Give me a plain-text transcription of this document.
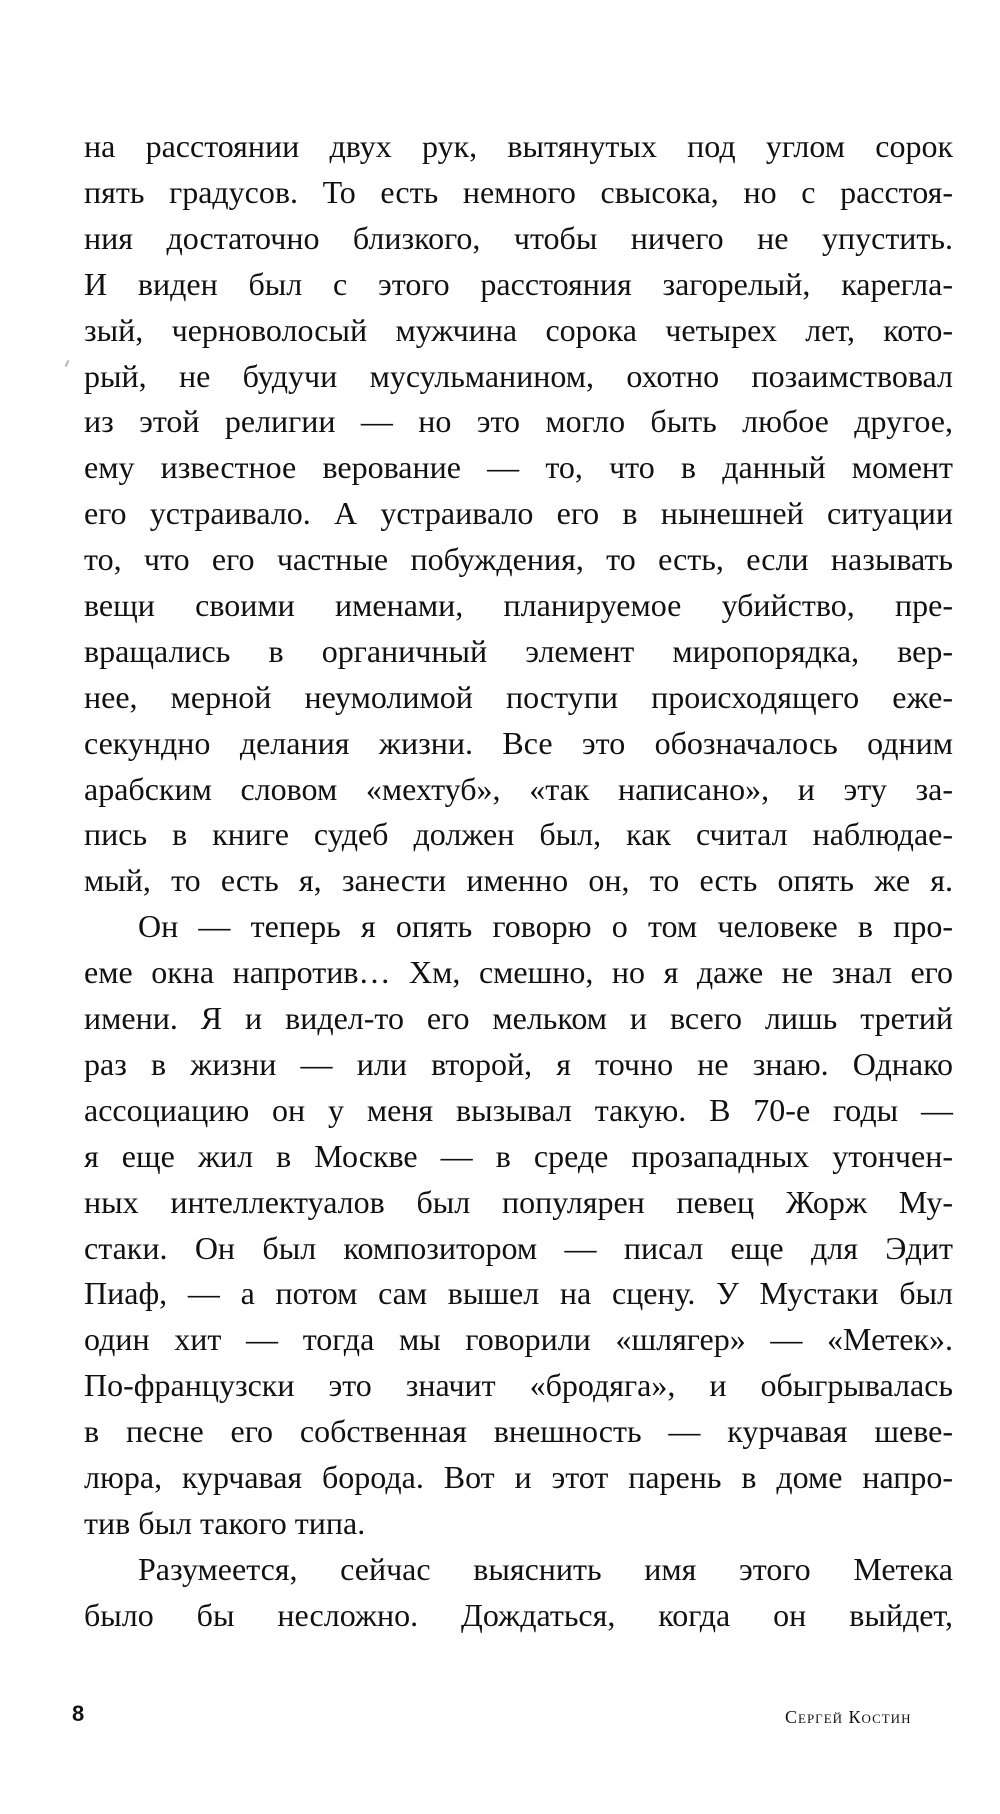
на расстоянии двух рук, вытянутых под углом сорок
пять градусов. То есть немного свысока, но с расстоя-
ния достаточно близкого, чтобы ничего не упустить.
И виден был с этого расстояния загорелый, карегла-
зый, черноволосый мужчина сорока четырех лет, кото-
рый, не будучи мусульманином, охотно позаимствовал
из этой религии — но это могло быть любое другое,
ему известное верование — то, что в данный момент
его устраивало. А устраивало его в нынешней ситуации
то, что его частные побуждения, то есть, если называть
вещи своими именами, планируемое убийство, пре-
вращались в органичный элемент миропорядка, вер-
нее, мерной неумолимой поступи происходящего еже-
секундно делания жизни. Все это обозначалось одним
арабским словом «мехтуб», «так написано», и эту за-
пись в книге судеб должен был, как считал наблюдае-
мый, то есть я, занести именно он, то есть опять же я.
Он — теперь я опять говорю о том человеке в про-
еме окна напротив… Хм, смешно, но я даже не знал его
имени. Я и видел-то его мельком и всего лишь третий
раз в жизни — или второй, я точно не знаю. Однако
ассоциацию он у меня вызывал такую. В 70-е годы —
я еще жил в Москве — в среде прозападных утончен-
ных интеллектуалов был популярен певец Жорж Му-
стаки. Он был композитором — писал еще для Эдит
Пиаф, — а потом сам вышел на сцену. У Мустаки был
один хит — тогда мы говорили «шлягер» — «Метек».
По-французски это значит «бродяга», и обыгрывалась
в песне его собственная внешность — курчавая шеве-
люра, курчавая борода. Вот и этот парень в доме напро-
тив был такого типа.
Разумеется, сейчас выяснить имя этого Метека
было бы несложно. Дождаться, когда он выйдет,
8	Сергей Костин
